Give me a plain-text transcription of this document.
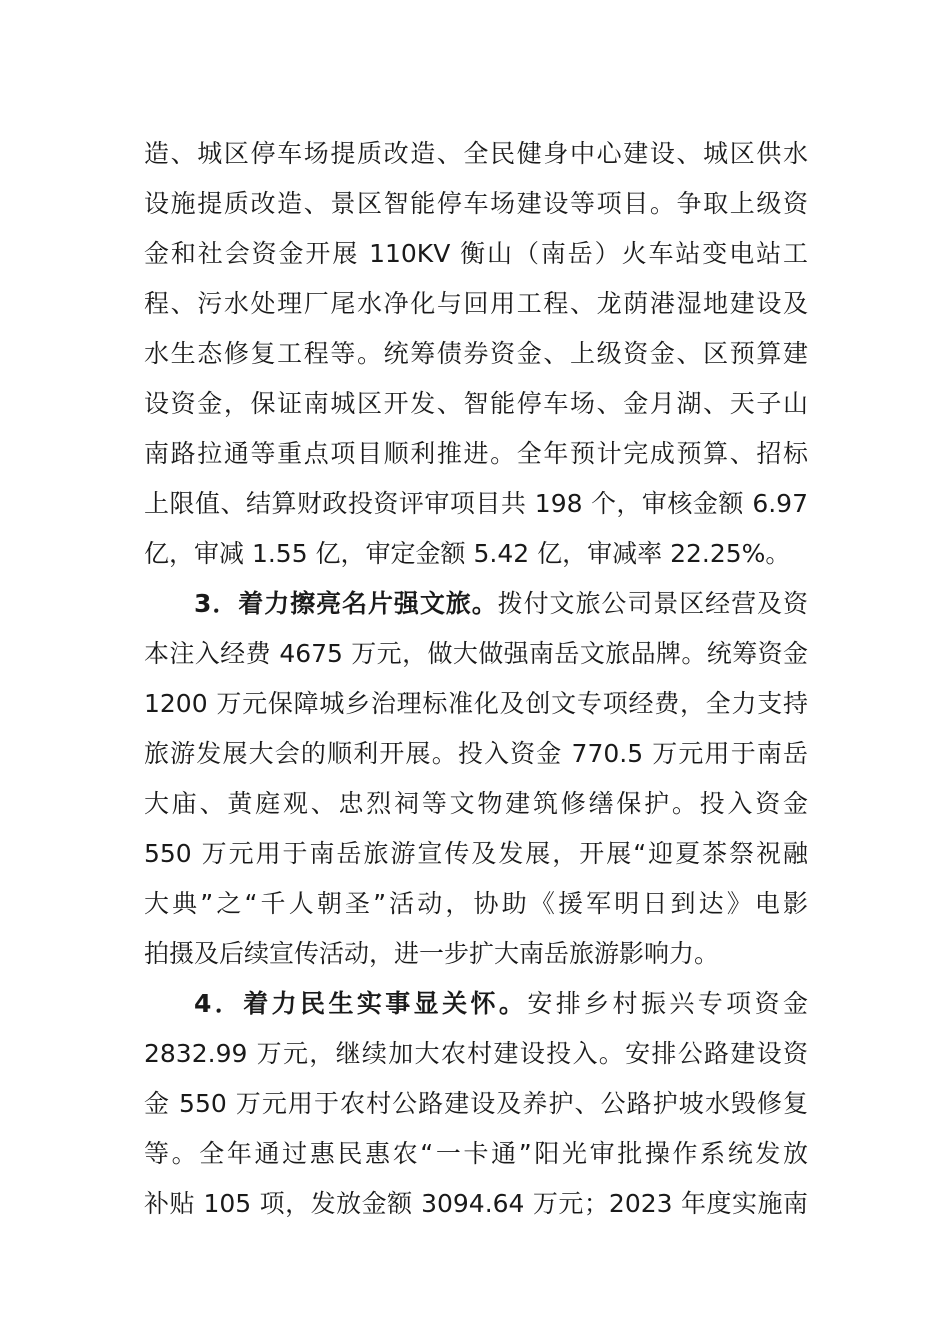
造、城区停车场提质改造、全民健身中心建设、城区供水
设施提质改造、景区智能停车场建设等项目。争取上级资
金和社会资金开展 110KV 衡山（南岳）火车站变电站工
程、污水处理厂尾水净化与回用工程、龙荫港湿地建设及
水生态修复工程等。统筹债券资金、上级资金、区预算建
设资金，保证南城区开发、智能停车场、金月湖、天子山
南路拉通等重点项目顺利推进。全年预计完成预算、招标
上限值、结算财政投资评审项目共 198 个，审核金额 6.97
亿，审减 1.55 亿，审定金额 5.42 亿，审减率 22.25%。
3．着力擦亮名片强文旅。拨付文旅公司景区经营及资
本注入经费 4675 万元，做大做强南岳文旅品牌。统筹资金
1200 万元保障城乡治理标准化及创文专项经费，全力支持
旅游发展大会的顺利开展。投入资金 770.5 万元用于南岳
大庙、黄庭观、忠烈祠等文物建筑修缮保护。投入资金
550 万元用于南岳旅游宣传及发展，开展“迎夏茶祭祝融
大典”之“千人朝圣”活动，协助《援军明日到达》电影
拍摄及后续宣传活动，进一步扩大南岳旅游影响力。
4．着力民生实事显关怀。安排乡村振兴专项资金
2832.99 万元，继续加大农村建设投入。安排公路建设资
金 550 万元用于农村公路建设及养护、公路护坡水毁修复
等。全年通过惠民惠农“一卡通”阳光审批操作系统发放
补贴 105 项，发放金额 3094.64 万元；2023 年度实施南
